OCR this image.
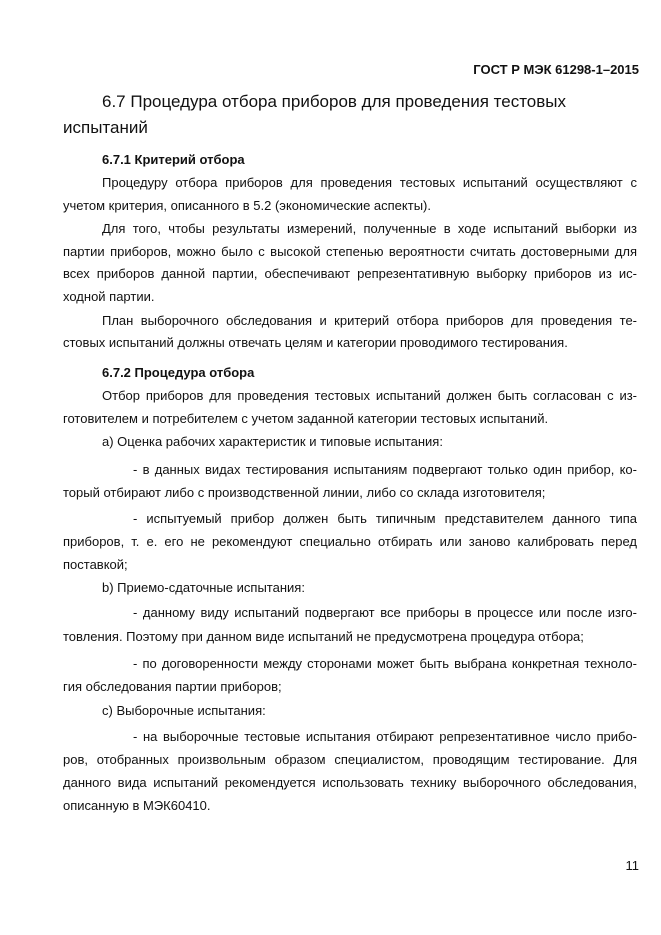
ГОСТ Р МЭК 61298-1–2015
6.7 Процедура отбора приборов для проведения тестовых
испытаний
6.7.1 Критерий отбора
Процедуру отбора приборов для проведения тестовых испытаний осуществляют с
учетом критерия, описанного в 5.2 (экономические аспекты).
Для того, чтобы результаты измерений, полученные в ходе испытаний выборки из
партии приборов, можно было с высокой степенью вероятности считать достоверными для
всех приборов данной партии, обеспечивают репрезентативную выборку приборов из ис-
ходной партии.
План выборочного обследования и критерий отбора приборов для проведения те-
стовых испытаний должны отвечать целям и категории проводимого тестирования.
6.7.2 Процедура отбора
Отбор приборов для проведения тестовых испытаний должен быть согласован с из-
готовителем и потребителем с учетом заданной категории тестовых испытаний.
а) Оценка рабочих характеристик и типовые испытания:
- в данных видах тестирования испытаниям подвергают только один прибор, ко-
торый отбирают либо с производственной линии, либо со склада изготовителя;
- испытуемый прибор должен быть типичным представителем данного типа
приборов, т. е. его не рекомендуют специально отбирать или заново калибровать перед
поставкой;
b) Приемо-сдаточные испытания:
- данному виду испытаний подвергают все приборы в процессе или после изго-
товления. Поэтому при данном виде испытаний не предусмотрена процедура отбора;
- по договоренности между сторонами может быть выбрана конкретная техноло-
гия обследования партии приборов;
с) Выборочные испытания:
- на выборочные тестовые испытания отбирают репрезентативное число прибо-
ров, отобранных произвольным образом специалистом, проводящим тестирование. Для
данного вида испытаний рекомендуется использовать технику выборочного обследования,
описанную в МЭК60410.
11
